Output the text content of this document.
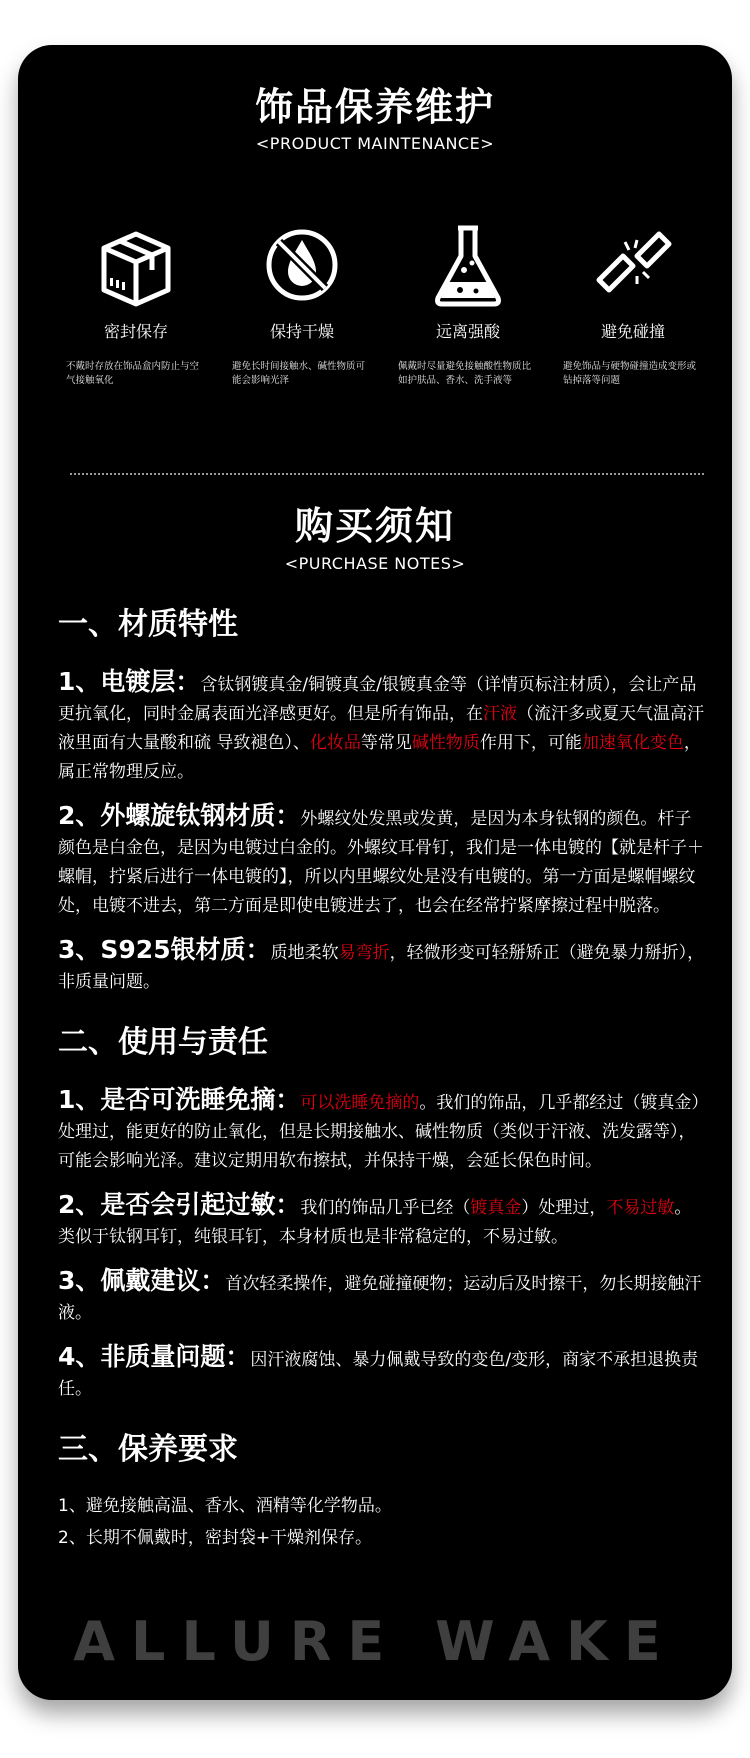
饰品保养维护
<PRODUCT MAINTENANCE>
密封保存
不戴时存放在饰品盒内防止与空气接触氧化
保持干燥
避免长时间接触水、碱性物质可能会影响光泽
远离强酸
佩戴时尽量避免接触酸性物质比如护肤品、香水、洗手液等
避免碰撞
避免饰品与硬物碰撞造成变形或钻掉落等问题
购买须知
<PURCHASE NOTES>
一、材质特性

1、电镀层：含钛钢镀真金/铜镀真金/银镀真金等（详情页标注材质），会让产品更抗氧化，同时金属表面光泽感更好。但是所有饰品，在汗液（流汗多或夏天气温高汗液里面有大量酸和硫 导致褪色）、化妆品等常见碱性物质作用下，可能加速氧化变色，属正常物理反应。

2、外螺旋钛钢材质：外螺纹处发黑或发黄，是因为本身钛钢的颜色。杆子颜色是白金色，是因为电镀过白金的。外螺纹耳骨钉，我们是一体电镀的【就是杆子＋螺帽，拧紧后进行一体电镀的】，所以内里螺纹处是没有电镀的。第一方面是螺帽螺纹处，电镀不进去，第二方面是即使电镀进去了，也会在经常拧紧摩擦过程中脱落。

3、S925银材质：质地柔软易弯折，轻微形变可轻掰矫正（避免暴力掰折），非质量问题。

二、使用与责任

1、是否可洗睡免摘：可以洗睡免摘的。我们的饰品，几乎都经过（镀真金）处理过，能更好的防止氧化，但是长期接触水、碱性物质（类似于汗液、洗发露等），可能会影响光泽。建议定期用软布擦拭，并保持干燥，会延长保色时间。

2、是否会引起过敏：我们的饰品几乎已经（镀真金）处理过，不易过敏。类似于钛钢耳钉，纯银耳钉，本身材质也是非常稳定的，不易过敏。

3、佩戴建议：首次轻柔操作，避免碰撞硬物；运动后及时擦干，勿长期接触汗液。

4、非质量问题：因汗液腐蚀、暴力佩戴导致的变色/变形，商家不承担退换责任。

三、保养要求

1、避免接触高温、香水、酒精等化学物品。

2、长期不佩戴时，密封袋+干燥剂保存。

ALLURE WAKE
